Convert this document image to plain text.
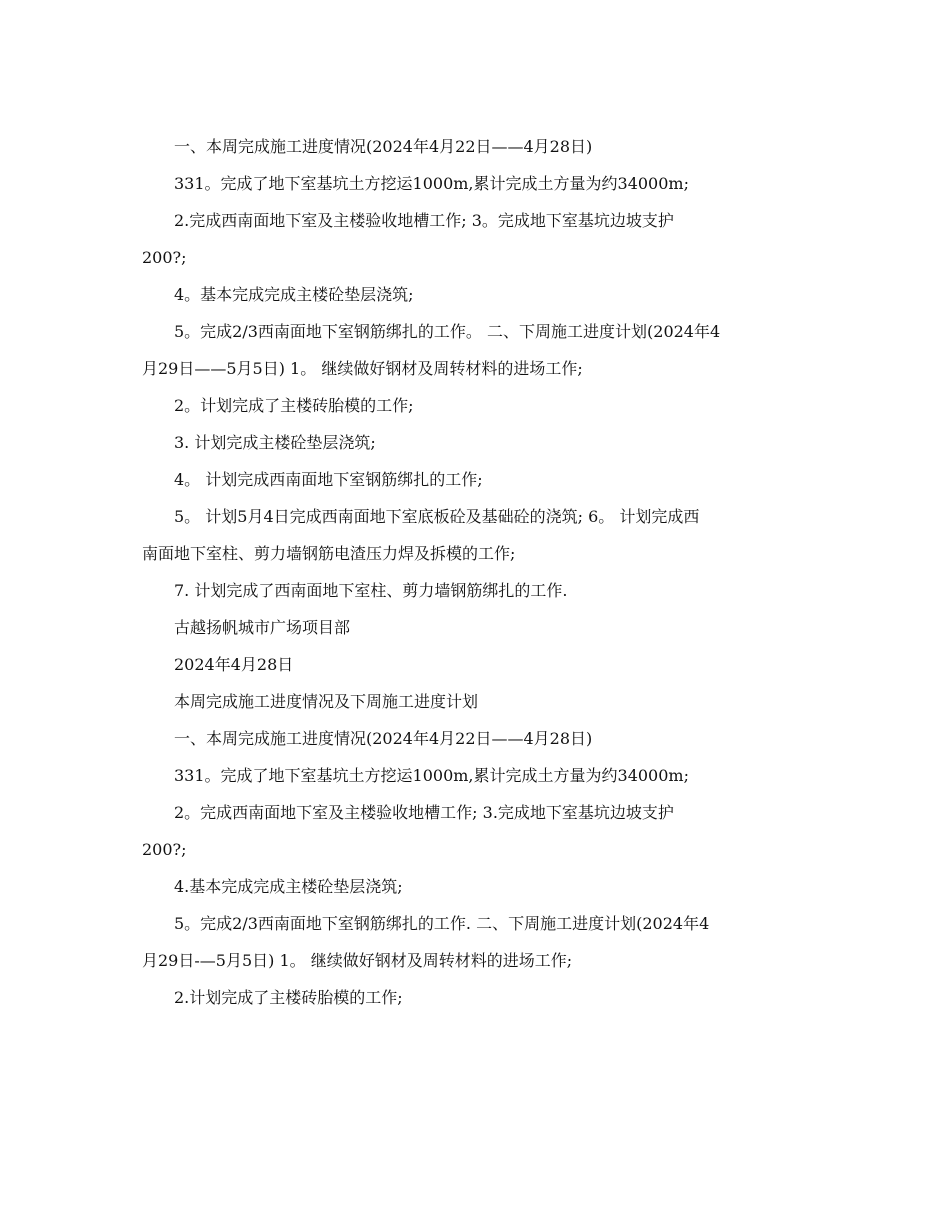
一、本周完成施工进度情况(2024年4月22日——4月28日)

331。完成了地下室基坑土方挖运1000m,累计完成土方量为约34000m;

2.完成西南面地下室及主楼验收地槽工作; 3。完成地下室基坑边坡支护

200?;

4。基本完成完成主楼砼垫层浇筑;

5。完成2/3西南面地下室钢筋绑扎的工作。 二、下周施工进度计划(2024年4

月29日——5月5日) 1。 继续做好钢材及周转材料的进场工作;

2。计划完成了主楼砖胎模的工作;

3. 计划完成主楼砼垫层浇筑;

4。 计划完成西南面地下室钢筋绑扎的工作;

5。 计划5月4日完成西南面地下室底板砼及基础砼的浇筑; 6。 计划完成西

南面地下室柱、剪力墙钢筋电渣压力焊及拆模的工作;

7. 计划完成了西南面地下室柱、剪力墙钢筋绑扎的工作.

古越扬帆城市广场项目部

2024年4月28日

本周完成施工进度情况及下周施工进度计划

一、本周完成施工进度情况(2024年4月22日——4月28日)

331。完成了地下室基坑土方挖运1000m,累计完成土方量为约34000m;

2。完成西南面地下室及主楼验收地槽工作; 3.完成地下室基坑边坡支护

200?;

4.基本完成完成主楼砼垫层浇筑;

5。完成2/3西南面地下室钢筋绑扎的工作. 二、下周施工进度计划(2024年4

月29日-—5月5日) 1。 继续做好钢材及周转材料的进场工作;

2.计划完成了主楼砖胎模的工作;
